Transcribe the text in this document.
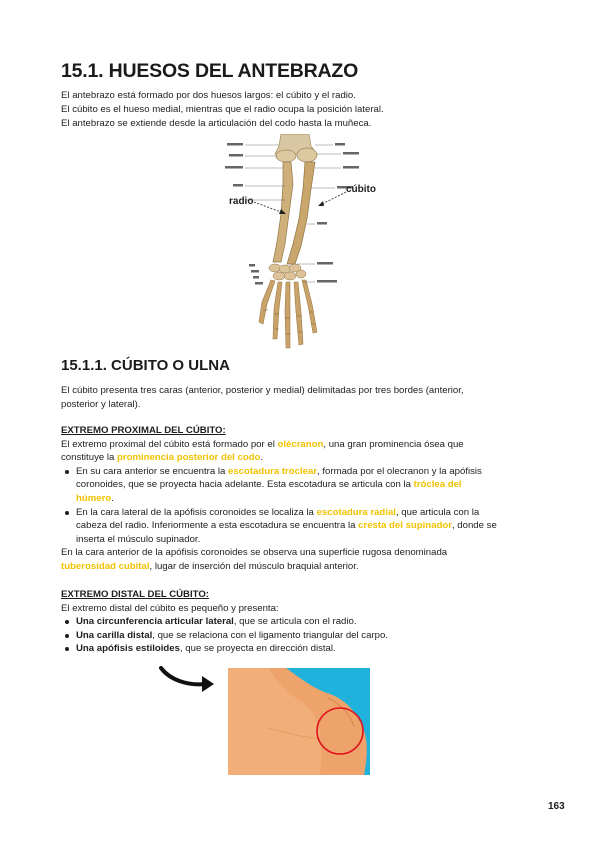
15.1. HUESOS DEL ANTEBRAZO

El antebrazo está formado por dos huesos largos: el cúbito y el radio.

El cúbito es el hueso medial, mientras que el radio ocupa la posición lateral.

El antebrazo se extiende desde la articulación del codo hasta la muñeca.

radio
cúbito
15.1.1. CÚBITO O ULNA

El cúbito presenta tres caras (anterior, posterior y medial) delimitadas por tres bordes (anterior,

posterior y lateral).

EXTREMO PROXIMAL DEL CÚBITO:

El extremo proximal del cúbito está formado por el olécranon, una gran prominencia ósea que

constituye la prominencia posterior del codo.

En su cara anterior se encuentra la escotadura troclear, formada por el olecranon y la apófisis
coronoides, que se proyecta hacia adelante. Esta escotadura se articula con la tróclea del
húmero.
En la cara lateral de la apófisis coronoides se localiza la escotadura radial, que articula con la
cabeza del radio. Inferiormente a esta escotadura se encuentra la cresta del supinador, donde se
inserta el músculo supinador.

En la cara anterior de la apófisis coronoides se observa una superficie rugosa denominada

tuberosidad cubital, lugar de inserción del músculo braquial anterior.

EXTREMO DISTAL DEL CÚBITO:

El extremo distal del cúbito es pequeño y presenta:

Una circunferencia articular lateral, que se articula con el radio.
Una carilla distal, que se relaciona con el ligamento triangular del carpo.
Una apófisis estiloides, que se proyecta en dirección distal.
163
